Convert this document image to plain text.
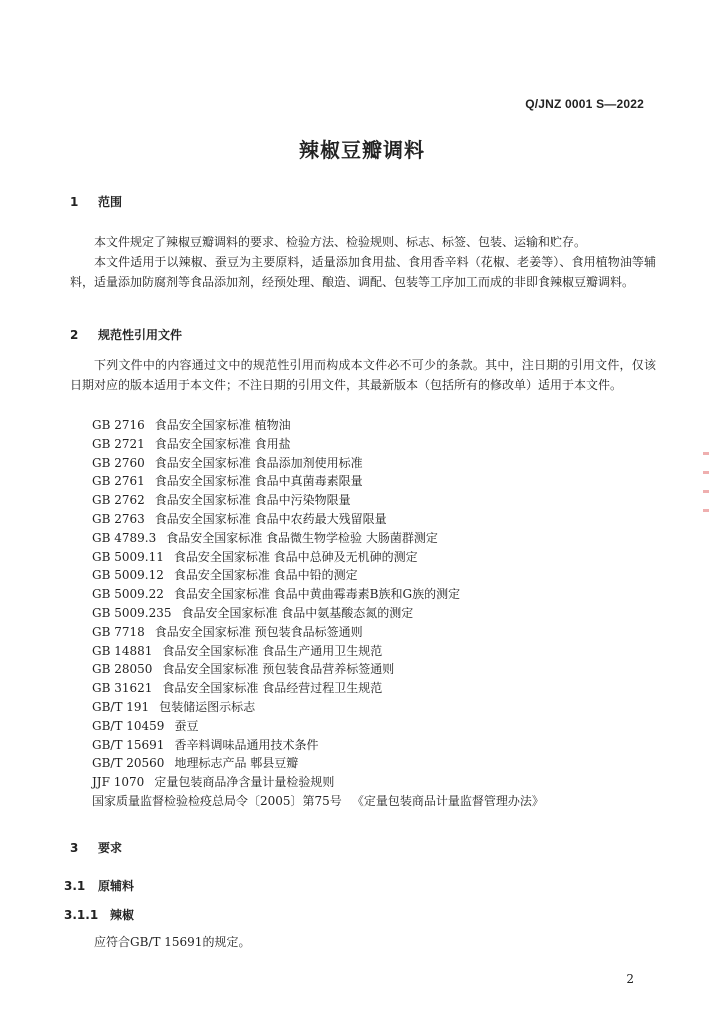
Q/JNZ 0001 S—2022
辣椒豆瓣调料
1 范围
本文件规定了辣椒豆瓣调料的要求、检验方法、检验规则、标志、标签、包装、运输和贮存。
本文件适用于以辣椒、蚕豆为主要原料，适量添加食用盐、食用香辛料（花椒、老姜等）、食用植物油等辅料，适量添加防腐剂等食品添加剂，经预处理、酿造、调配、包装等工序加工而成的非即食辣椒豆瓣调料。
2 规范性引用文件
下列文件中的内容通过文中的规范性引用而构成本文件必不可少的条款。其中，注日期的引用文件，仅该日期对应的版本适用于本文件；不注日期的引用文件，其最新版本（包括所有的修改单）适用于本文件。
GB 2716 食品安全国家标准 植物油
GB 2721 食品安全国家标准 食用盐
GB 2760 食品安全国家标准 食品添加剂使用标准
GB 2761 食品安全国家标准 食品中真菌毒素限量
GB 2762 食品安全国家标准 食品中污染物限量
GB 2763 食品安全国家标准 食品中农药最大残留限量
GB 4789.3 食品安全国家标准 食品微生物学检验 大肠菌群测定
GB 5009.11 食品安全国家标准 食品中总砷及无机砷的测定
GB 5009.12 食品安全国家标准 食品中铅的测定
GB 5009.22 食品安全国家标准 食品中黄曲霉毒素B族和G族的测定
GB 5009.235 食品安全国家标准 食品中氨基酸态氮的测定
GB 7718 食品安全国家标准 预包装食品标签通则
GB 14881 食品安全国家标准 食品生产通用卫生规范
GB 28050 食品安全国家标准 预包装食品营养标签通则
GB 31621 食品安全国家标准 食品经营过程卫生规范
GB/T 191 包装储运图示标志
GB/T 10459 蚕豆
GB/T 15691 香辛料调味品通用技术条件
GB/T 20560 地理标志产品 郫县豆瓣
JJF 1070 定量包装商品净含量计量检验规则
国家质量监督检验检疫总局令〔2005〕第75号 《定量包装商品计量监督管理办法》
3 要求
3.1 原辅料
3.1.1 辣椒
应符合GB/T 15691的规定。
2
